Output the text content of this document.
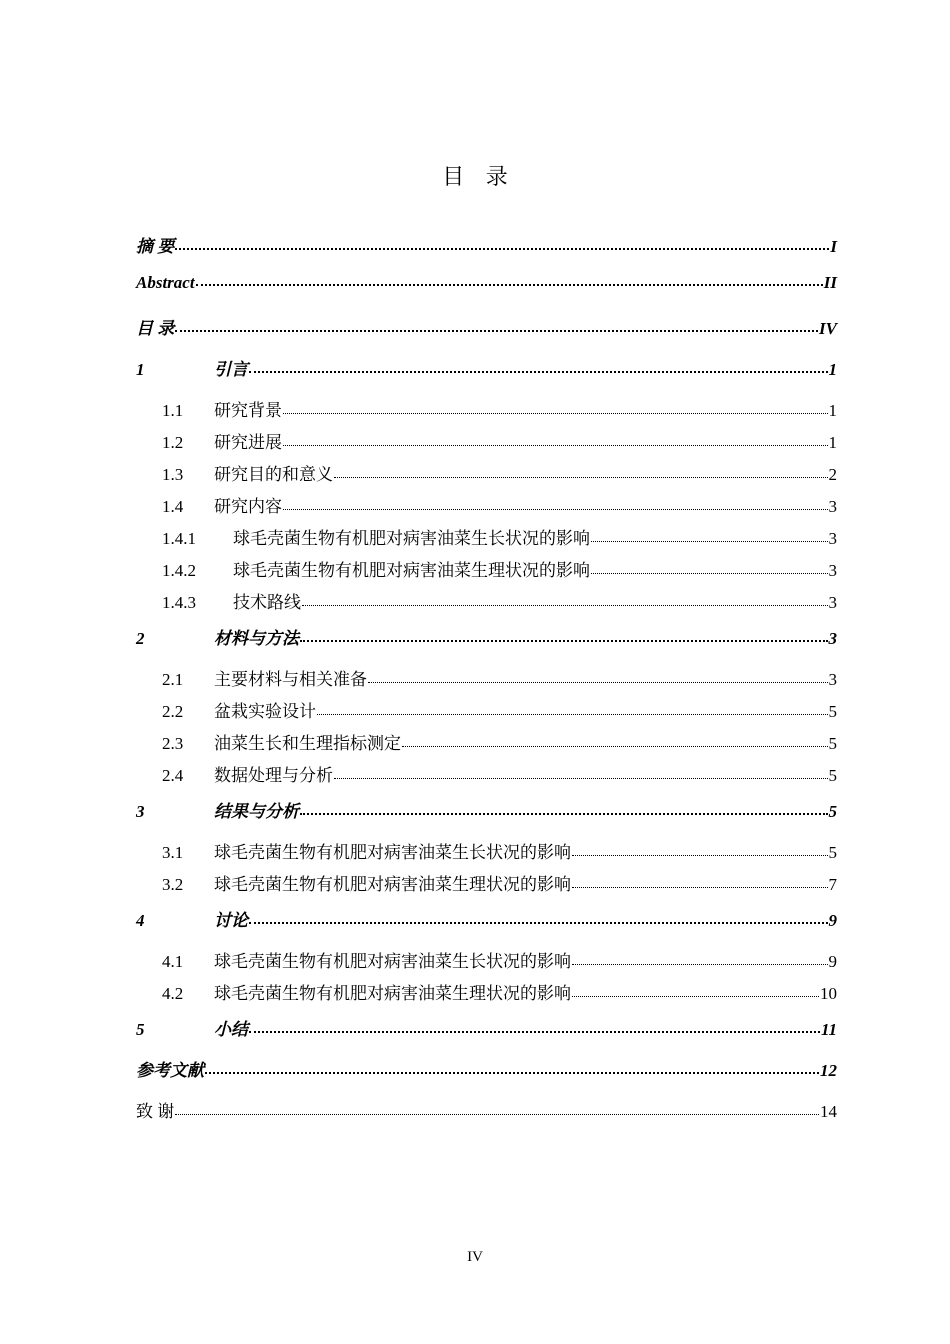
目 录
摘 要	I
Abstract	II
目 录	IV
1	引言	1
1.1	研究背景	1
1.2	研究进展	1
1.3	研究目的和意义	2
1.4	研究内容	3
1.4.1	球毛壳菌生物有机肥对病害油菜生长状况的影响	3
1.4.2	球毛壳菌生物有机肥对病害油菜生理状况的影响	3
1.4.3	技术路线	3
2	材料与方法	3
2.1	主要材料与相关准备	3
2.2	盆栽实验设计	5
2.3	油菜生长和生理指标测定	5
2.4	数据处理与分析	5
3	结果与分析	5
3.1	球毛壳菌生物有机肥对病害油菜生长状况的影响	5
3.2	球毛壳菌生物有机肥对病害油菜生理状况的影响	7
4	讨论	9
4.1	球毛壳菌生物有机肥对病害油菜生长状况的影响	9
4.2	球毛壳菌生物有机肥对病害油菜生理状况的影响	10
5	小结	11
参考文献	12
致 谢	14
IV
